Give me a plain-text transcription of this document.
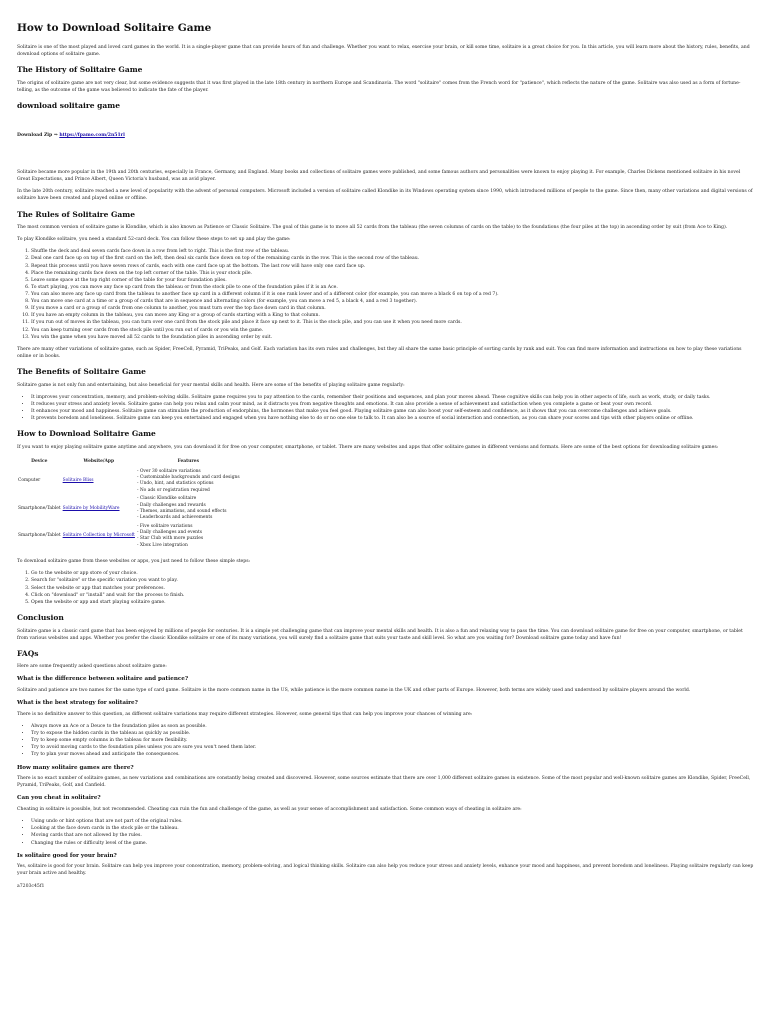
How to Download Solitaire Game

Solitaire is one of the most played and loved card games in the world. It is a single-player game that can provide hours of fun and challenge. Whether you want to relax, exercise your brain, or kill some time, solitaire is a great choice for you. In this article, you will learn more about the history, rules, benefits, and download options of solitaire game.

The History of Solitaire Game

The origins of solitaire game are not very clear, but some evidence suggests that it was first played in the late 18th century in northern Europe and Scandinavia. The word "solitaire" comes from the French word for "patience", which reflects the nature of the game. Solitaire was also used as a form of fortune-telling, as the outcome of the game was believed to indicate the fate of the player.

download solitaire game

Download Zip ⇒ https://fpamo.com/2n51rl

Solitaire became more popular in the 19th and 20th centuries, especially in France, Germany, and England. Many books and collections of solitaire games were published, and some famous authors and personalities were known to enjoy playing it. For example, Charles Dickens mentioned solitaire in his novel Great Expectations, and Prince Albert, Queen Victoria's husband, was an avid player.

In the late 20th century, solitaire reached a new level of popularity with the advent of personal computers. Microsoft included a version of solitaire called Klondike in its Windows operating system since 1990, which introduced millions of people to the game. Since then, many other variations and digital versions of solitaire have been created and played online or offline.

The Rules of Solitaire Game

The most common version of solitaire game is Klondike, which is also known as Patience or Classic Solitaire. The goal of this game is to move all 52 cards from the tableau (the seven columns of cards on the table) to the foundations (the four piles at the top) in ascending order by suit (from Ace to King).

To play Klondike solitaire, you need a standard 52-card deck. You can follow these steps to set up and play the game:

1. Shuffle the deck and deal seven cards face down in a row from left to right. This is the first row of the tableau.
2. Deal one card face up on top of the first card on the left, then deal six cards face down on top of the remaining cards in the row. This is the second row of the tableau.
3. Repeat this process until you have seven rows of cards, each with one card face up at the bottom. The last row will have only one card face up.
4. Place the remaining cards face down on the top left corner of the table. This is your stock pile.
5. Leave some space at the top right corner of the table for your four foundation piles.
6. To start playing, you can move any face up card from the tableau or from the stock pile to one of the foundation piles if it is an Ace.
7. You can also move any face up card from the tableau to another face up card in a different column if it is one rank lower and of a different color (for example, you can move a black 6 on top of a red 7).
8. You can move one card at a time or a group of cards that are in sequence and alternating colors (for example, you can move a red 5, a black 4, and a red 3 together).
9. If you move a card or a group of cards from one column to another, you must turn over the top face down card in that column.
10. If you have an empty column in the tableau, you can move any King or a group of cards starting with a King to that column.
11. If you run out of moves in the tableau, you can turn over one card from the stock pile and place it face up next to it. This is the stock pile, and you can use it when you need more cards.
12. You can keep turning over cards from the stock pile until you run out of cards or you win the game.
13. You win the game when you have moved all 52 cards to the foundation piles in ascending order by suit.

There are many other variations of solitaire game, such as Spider, FreeCell, Pyramid, TriPeaks, and Golf. Each variation has its own rules and challenges, but they all share the same basic principle of sorting cards by rank and suit. You can find more information and instructions on how to play these variations online or in books.

The Benefits of Solitaire Game

Solitaire game is not only fun and entertaining, but also beneficial for your mental skills and health. Here are some of the benefits of playing solitaire game regularly:

• It improves your concentration, memory, and problem-solving skills. Solitaire game requires you to pay attention to the cards, remember their positions and sequences, and plan your moves ahead. These cognitive skills can help you in other aspects of life, such as work, study, or daily tasks.
• It reduces your stress and anxiety levels. Solitaire game can help you relax and calm your mind, as it distracts you from negative thoughts and emotions. It can also provide a sense of achievement and satisfaction when you complete a game or beat your own record.
• It enhances your mood and happiness. Solitaire game can stimulate the production of endorphins, the hormones that make you feel good. Playing solitaire game can also boost your self-esteem and confidence, as it shows that you can overcome challenges and achieve goals.
• It prevents boredom and loneliness. Solitaire game can keep you entertained and engaged when you have nothing else to do or no one else to talk to. It can also be a source of social interaction and connection, as you can share your scores and tips with other players online or offline.
How to Download Solitaire Game

If you want to enjoy playing solitaire game anytime and anywhere, you can download it for free on your computer, smartphone, or tablet. There are many websites and apps that offer solitaire games in different versions and formats. Here are some of the best options for downloading solitaire games:

Device	Website/App	Features
Computer	Solitaire Bliss	- Over 30 solitaire variations
- Customizable backgrounds and card designs
- Undo, hint, and statistics options
- No ads or registration required

Smartphone/Tablet	Solitaire by MobilityWare	- Classic Klondike solitaire
- Daily challenges and rewards
- Themes, animations, and sound effects
- Leaderboards and achievements

Smartphone/Tablet	Solitaire Collection by Microsoft	- Five solitaire variations
- Daily challenges and events
- Star Club with more puzzles
- Xbox Live integration

To download solitaire game from these websites or apps, you just need to follow these simple steps:

1. Go to the website or app store of your choice.
2. Search for "solitaire" or the specific variation you want to play.
3. Select the website or app that matches your preferences.
4. Click on "download" or "install" and wait for the process to finish.
5. Open the website or app and start playing solitaire game.
Conclusion

Solitaire game is a classic card game that has been enjoyed by millions of people for centuries. It is a simple yet challenging game that can improve your mental skills and health. It is also a fun and relaxing way to pass the time. You can download solitaire game for free on your computer, smartphone, or tablet from various websites and apps. Whether you prefer the classic Klondike solitaire or one of its many variations, you will surely find a solitaire game that suits your taste and skill level. So what are you waiting for? Download solitaire game today and have fun!

FAQs

Here are some frequently asked questions about solitaire game:

What is the difference between solitaire and patience?

Solitaire and patience are two names for the same type of card game. Solitaire is the more common name in the US, while patience is the more common name in the UK and other parts of Europe. However, both terms are widely used and understood by solitaire players around the world.

What is the best strategy for solitaire?

There is no definitive answer to this question, as different solitaire variations may require different strategies. However, some general tips that can help you improve your chances of winning are:

• Always move an Ace or a Deuce to the foundation piles as soon as possible.
• Try to expose the hidden cards in the tableau as quickly as possible.
• Try to keep some empty columns in the tableau for more flexibility.
• Try to avoid moving cards to the foundation piles unless you are sure you won't need them later.
• Try to plan your moves ahead and anticipate the consequences.
How many solitaire games are there?

There is no exact number of solitaire games, as new variations and combinations are constantly being created and discovered. However, some sources estimate that there are over 1,000 different solitaire games in existence. Some of the most popular and well-known solitaire games are Klondike, Spider, FreeCell, Pyramid, TriPeaks, Golf, and Canfield.

Can you cheat in solitaire?

Cheating in solitaire is possible, but not recommended. Cheating can ruin the fun and challenge of the game, as well as your sense of accomplishment and satisfaction. Some common ways of cheating in solitaire are:

• Using undo or hint options that are not part of the original rules.
• Looking at the face down cards in the stock pile or the tableau.
• Moving cards that are not allowed by the rules.
• Changing the rules or difficulty level of the game.
Is solitaire good for your brain?

Yes, solitaire is good for your brain. Solitaire can help you improve your concentration, memory, problem-solving, and logical thinking skills. Solitaire can also help you reduce your stress and anxiety levels, enhance your mood and happiness, and prevent boredom and loneliness. Playing solitaire regularly can keep your brain active and healthy.

a7203c45f1
